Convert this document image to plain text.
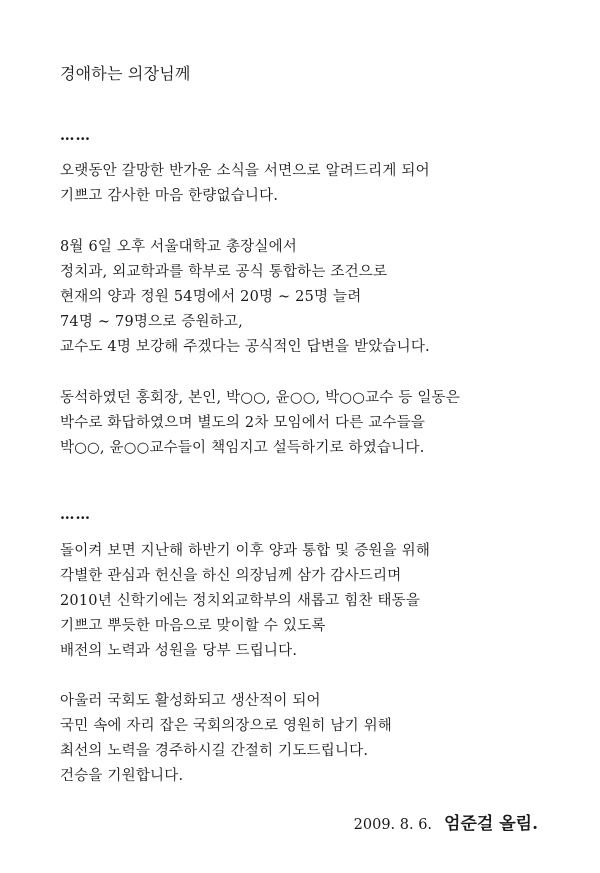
경애하는 의장님께
……
오랫동안 갈망한 반가운 소식을 서면으로 알려드리게 되어
기쁘고 감사한 마음 한량없습니다.
8월 6일 오후 서울대학교 총장실에서
정치과, 외교학과를 학부로 공식 통합하는 조건으로
현재의 양과 정원 54명에서 20명 ~ 25명 늘려
74명 ~ 79명으로 증원하고,
교수도 4명 보강해 주겠다는 공식적인 답변을 받았습니다.
동석하였던 홍회장, 본인, 박○○, 윤○○, 박○○교수 등 일동은
박수로 화답하였으며 별도의 2차 모임에서 다른 교수들을
박○○, 윤○○교수들이 책임지고 설득하기로 하였습니다.
……
돌이켜 보면 지난해 하반기 이후 양과 통합 및 증원을 위해
각별한 관심과 헌신을 하신 의장님께 삼가 감사드리며
2010년 신학기에는 정치외교학부의 새롭고 힘찬 태동을
기쁘고 뿌듯한 마음으로 맞이할 수 있도록
배전의 노력과 성원을 당부 드립니다.
아울러 국회도 활성화되고 생산적이 되어
국민 속에 자리 잡은 국회의장으로 영원히 남기 위해
최선의 노력을 경주하시길 간절히 기도드립니다.
건승을 기원합니다.
2009. 8. 6. 엄준걸 올림.
